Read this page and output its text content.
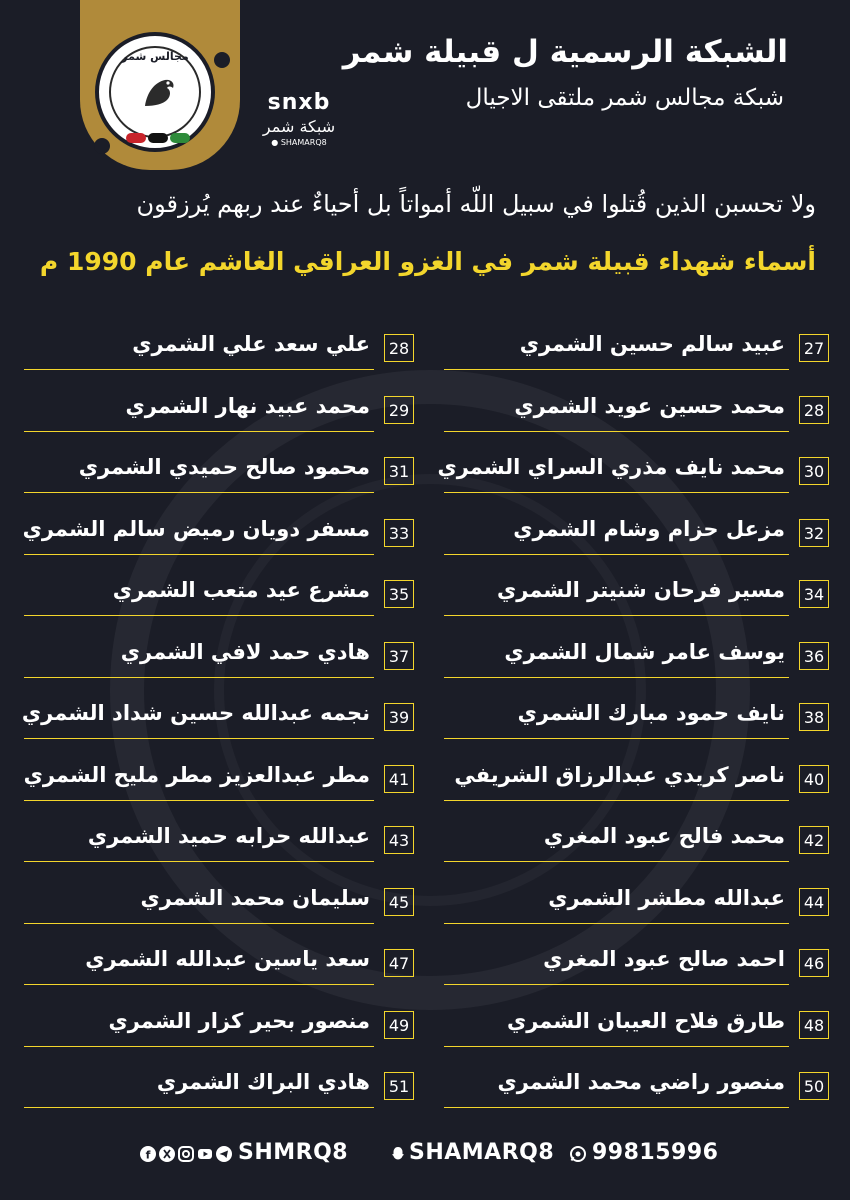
مجالس شمر	الشبكة الرسمية ل قبيلة شمر
شبكة مجالس شمر ملتقى الاجيال
snxb
شبكة شمر
● SHAMARQ8
ولا تحسبن الذين قُتلوا في سبيل اللّه أمواتاً بل أحياءٌ عند ربهم يُرزقون
أسماء شهداء قبيلة شمر في الغزو العراقي الغاشم عام 1990 م
علي سعد علي الشمري	28
محمد عبيد نهار الشمري	29
محمود صالح حميدي الشمري	31
مسفر دويان رميض سالم الشمري	33
مشرع عيد متعب الشمري	35
هادي حمد لافي الشمري	37
نجمه عبدالله حسين شداد الشمري	39
مطر عبدالعزيز مطر مليح الشمري	41
عبدالله حرابه حميد الشمري	43
سليمان محمد الشمري	45
سعد ياسين عبدالله الشمري	47
منصور بحير كزار الشمري	49
هادي البراك الشمري	51
عبيد سالم حسين الشمري	27
محمد حسين عويد الشمري	28
محمد نايف مذري السراي الشمري	30
مزعل حزام وشام الشمري	32
مسير فرحان شنيتر الشمري	34
يوسف عامر شمال الشمري	36
نايف حمود مبارك الشمري	38
ناصر كريدي عبدالرزاق الشريفي	40
محمد فالح عبود المغري	42
عبدالله مطشر الشمري	44
احمد صالح عبود المغري	46
طارق فلاح العيبان الشمري	48
منصور راضي محمد الشمري	50
f	SHMRQ8	SHAMARQ8 99815996
